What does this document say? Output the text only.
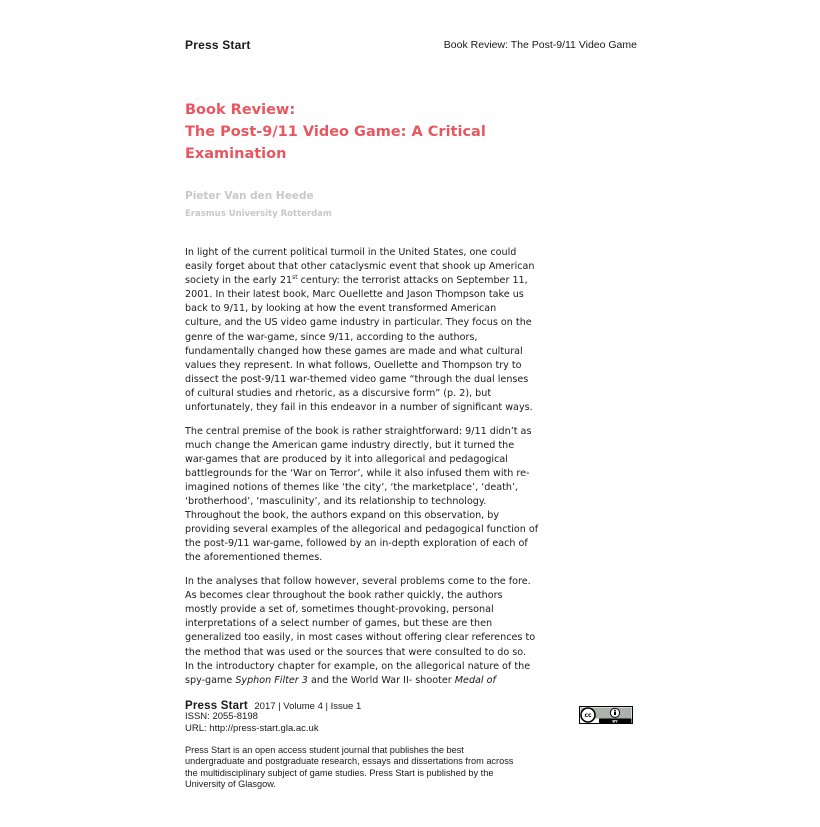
Press Start	Book Review: The Post-9/11 Video Game
Book Review:
The Post-9/11 Video Game: A Critical
Examination
Pieter Van den Heede
Erasmus University Rotterdam
In light of the current political turmoil in the United States, one could
easily forget about that other cataclysmic event that shook up American
society in the early 21st century: the terrorist attacks on September 11,
2001. In their latest book, Marc Ouellette and Jason Thompson take us
back to 9/11, by looking at how the event transformed American
culture, and the US video game industry in particular. They focus on the
genre of the war-game, since 9/11, according to the authors,
fundamentally changed how these games are made and what cultural
values they represent. In what follows, Ouellette and Thompson try to
dissect the post-9/11 war-themed video game “through the dual lenses
of cultural studies and rhetoric, as a discursive form” (p. 2), but
unfortunately, they fail in this endeavor in a number of significant ways.
The central premise of the book is rather straightforward: 9/11 didn’t as
much change the American game industry directly, but it turned the
war-games that are produced by it into allegorical and pedagogical
battlegrounds for the ‘War on Terror’, while it also infused them with re-
imagined notions of themes like ‘the city’, ‘the marketplace’, ‘death’,
‘brotherhood’, ‘masculinity’, and its relationship to technology.
Throughout the book, the authors expand on this observation, by
providing several examples of the allegorical and pedagogical function of
the post-9/11 war-game, followed by an in-depth exploration of each of
the aforementioned themes.
In the analyses that follow however, several problems come to the fore.
As becomes clear throughout the book rather quickly, the authors
mostly provide a set of, sometimes thought-provoking, personal
interpretations of a select number of games, but these are then
generalized too easily, in most cases without offering clear references to
the method that was used or the sources that were consulted to do so.
In the introductory chapter for example, on the allegorical nature of the
spy-game Syphon Filter 3 and the World War II- shooter Medal of
Press Start 2017 | Volume 4 | Issue 1
ISSN: 2055-8198
URL: http://press-start.gla.ac.uk
Press Start is an open access student journal that publishes the best
undergraduate and postgraduate research, essays and dissertations from across
the multidisciplinary subject of game studies. Press Start is published by the
University of Glasgow.
cc
BY
